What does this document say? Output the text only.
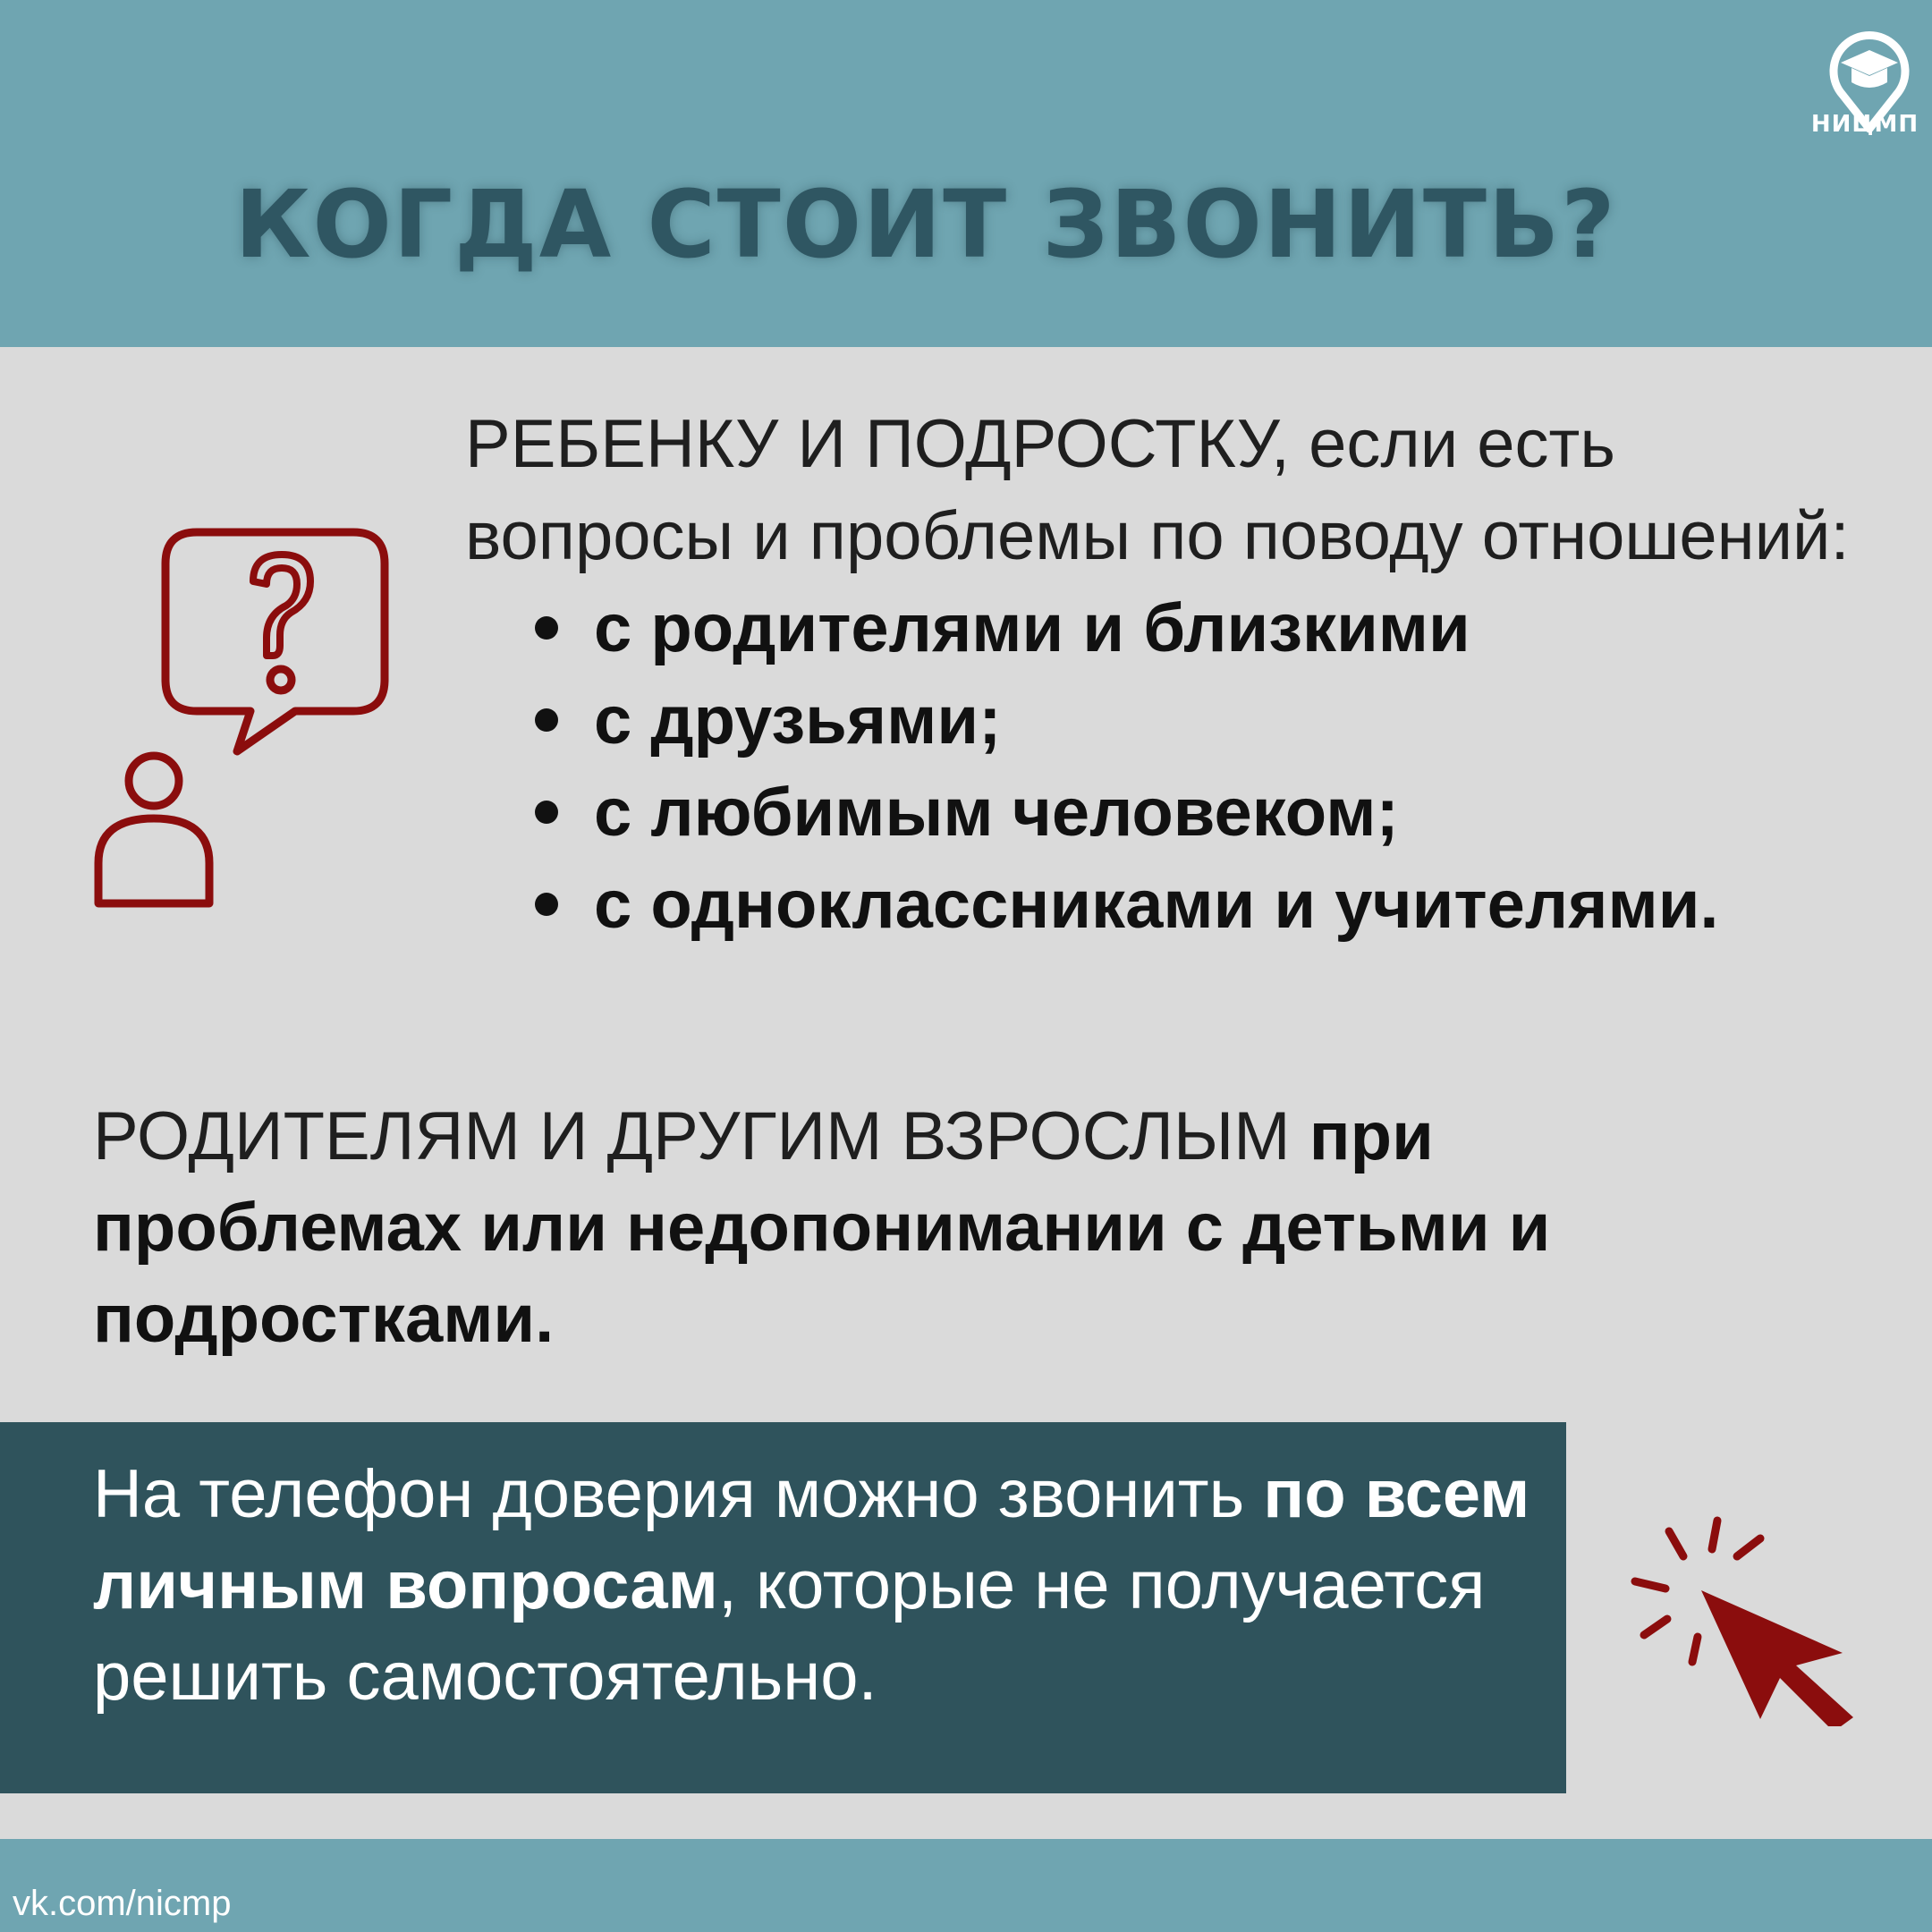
НИЦМП
КОГДА СТОИТ ЗВОНИТЬ?

РЕБЕНКУ И ПОДРОСТКУ, если есть вопросы и проблемы по поводу отношений:

с родителями и близкими
с друзьями;
с любимым человеком;
с одноклассниками и учителями.

РОДИТЕЛЯМ И ДРУГИМ ВЗРОСЛЫМ при проблемах или недопонимании с детьми и подростками.

На телефон доверия можно звонить по всем личным вопросам, которые не получается решить самостоятельно.

vk.com/nicmp
